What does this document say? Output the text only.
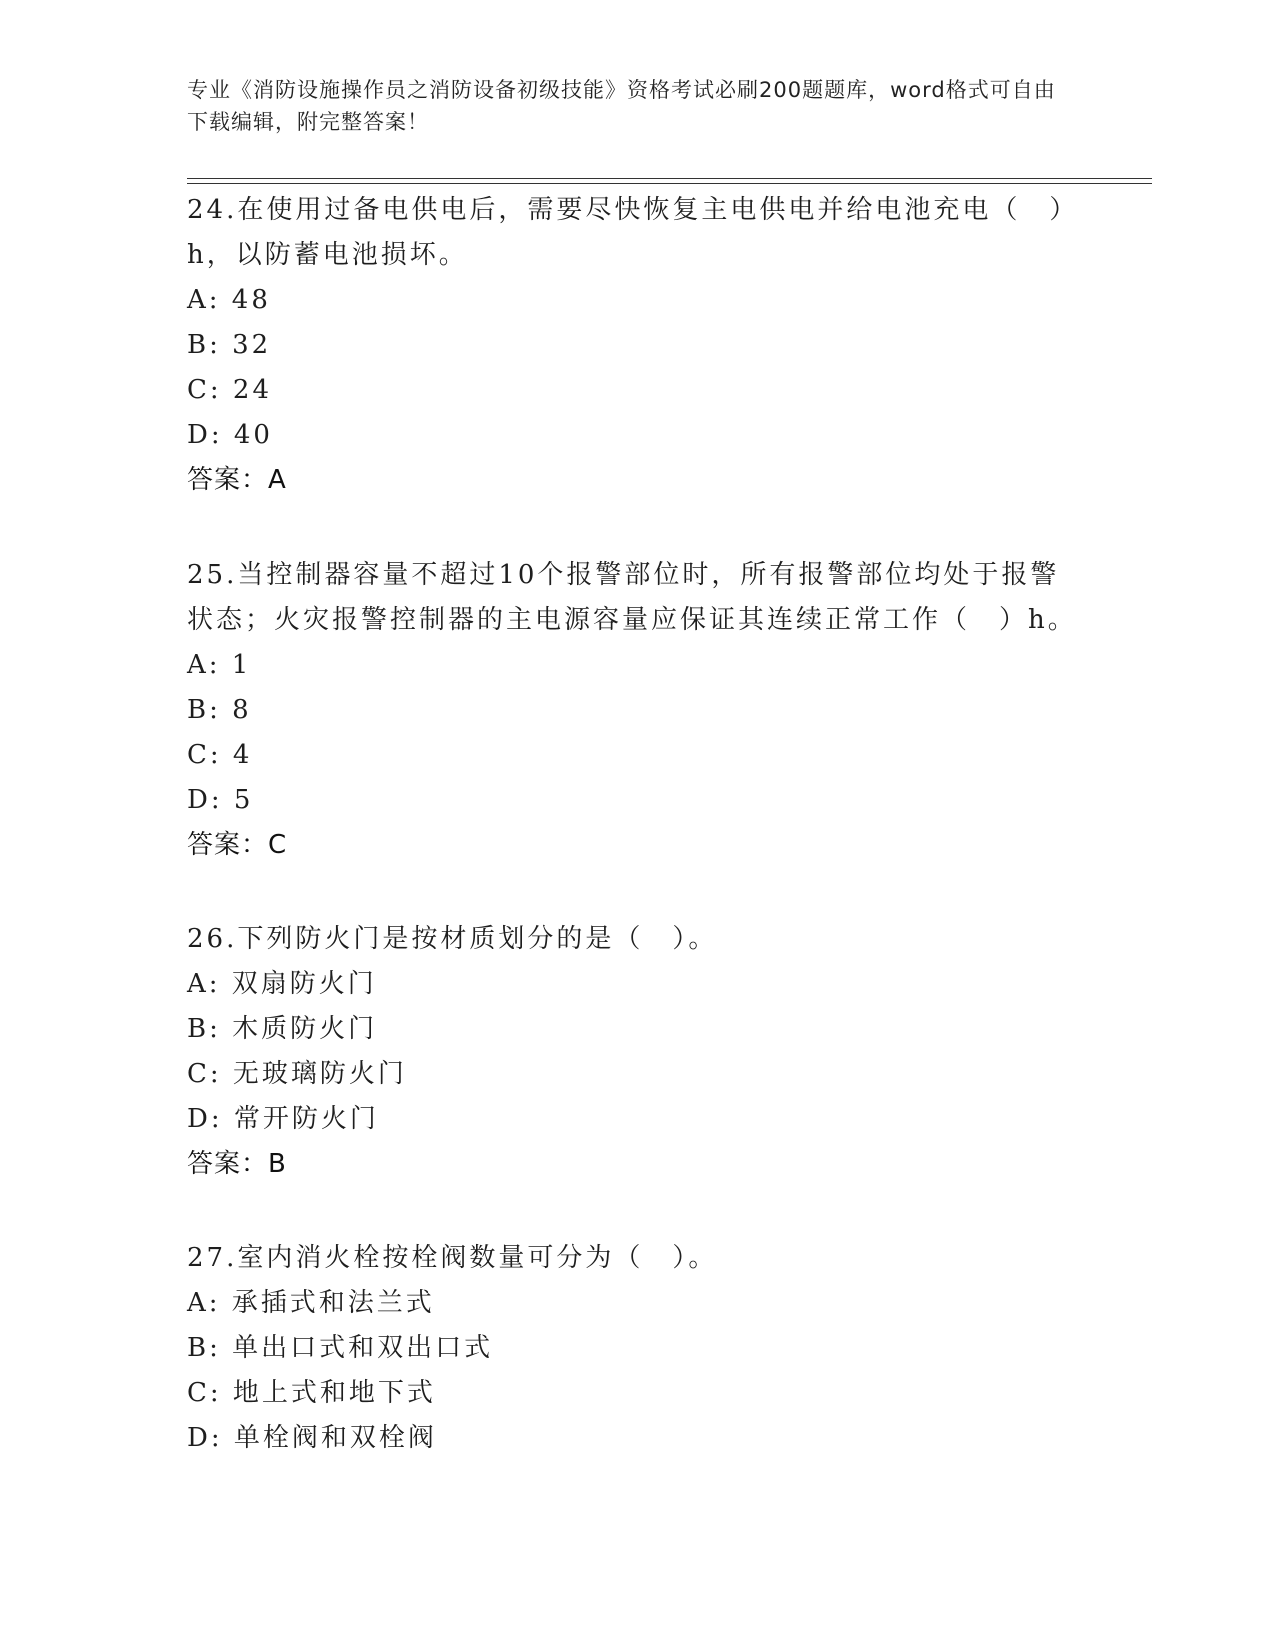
专业《消防设施操作员之消防设备初级技能》资格考试必刷200题题库，word格式可自由下载编辑，附完整答案！
24.在使用过备电供电后，需要尽快恢复主电供电并给电池充电（　）
h，以防蓄电池损坏。
A: 48
B: 32
C: 24
D: 40
答案：A
25.当控制器容量不超过10个报警部位时，所有报警部位均处于报警
状态；火灾报警控制器的主电源容量应保证其连续正常工作（　）h。
A: 1
B: 8
C: 4
D: 5
答案：C
26.下列防火门是按材质划分的是（　）。
A: 双扇防火门
B: 木质防火门
C: 无玻璃防火门
D: 常开防火门
答案：B
27.室内消火栓按栓阀数量可分为（　）。
A: 承插式和法兰式
B: 单出口式和双出口式
C: 地上式和地下式
D: 单栓阀和双栓阀
